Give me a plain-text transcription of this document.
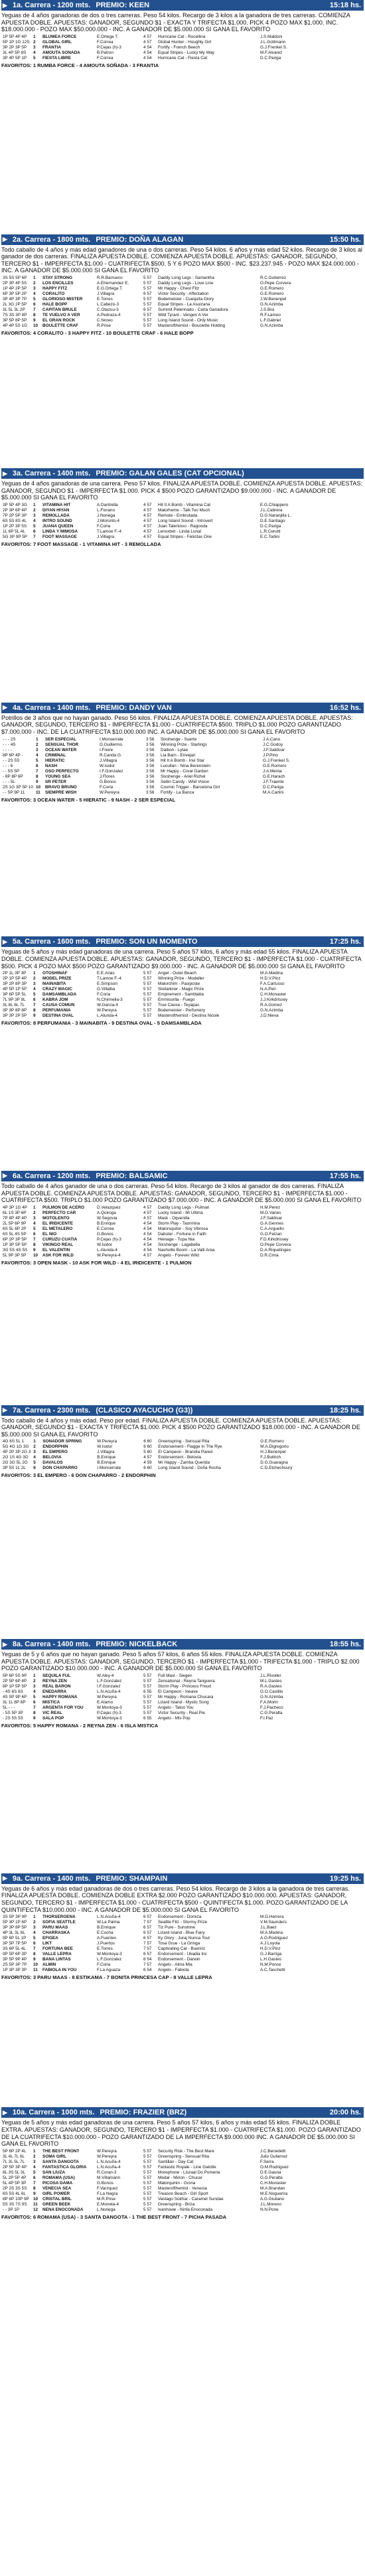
▶ 1a. Carrera - 1200 mts. PREMIO: KEEN	15:18 hs.
Yeguas de 4 años ganadoras de dos o tres carreras. Peso 54 kilos. Recargo de 3 kilos a la ganadora de tres carreras. COMIENZA APUESTA DOBLE. APUESTAS: GANADOR, SEGUNDO $1 - EXACTA Y TRIFECTA $1.000. PICK 4 POZO MAX $1.000. INC. $18.000.000 - POZO MAX $50.000.000 - INC. A GANADOR DE $5.000.000 SI GANA EL FAVORITO
1P 5P 4P 4P	1	BLUMEA FORCE	E.Ortega T.	4 57	Hurricane Cat - Rocellina	J.S.Maldoni
5P 1P 1G 12S	2	GLOBAL GIRL	F.Correa	4 57	Global Hunter - Houghly Girl	J.L.Gottmann
3P 2P 3P 5P	3	FRANTIA	P.Cejas (h)-3	4 54	Fortify - French Beech	G.J.Frenkel S.
3L 4P 5P 8S	4	AMOUTA SONADA	B.Patron	4 54	Equal Stripes - Lucky My Way	M.F.Alvarez
3P 4P 5P 1P	5	FIESTA LIBRE	F.Correa	4 54	Hurricane Cat - Fiesta Cat	D.C.Pariga
FAVORITOS: 1 RUMBA FORCE - 4 AMOUTA SOÑADA - 3 FRANTIA
▶ 2a. Carrera - 1800 mts. PREMIO: DOÑA ALAGAN	15:50 hs.
Todo caballo de 4 años y más edad ganadores de una o dos carreras. Peso 54 kilos. 6 años y más edad 52 kilos. Recargo de 3 kilos al ganador de dos carreras. FINALIZA APUESTA DOBLE. COMIENZA APUESTA DOBLE. APUESTAS: GANADOR, SEGUNDO, TERCERO $1 - IMPERFECTA $1.000 - CUATRIFECTA $500. 5 Y 6 POZO MAX $500 - INC. $23.237.945 - POZO MAX $24.000.000 - INC. A GANADOR DE $5.000.000 SI GANA EL FAVORITO
3S 5S 5P 6P	1	STAY STRONG	R.R.Barrueco	5 57	Daddy Long Legs - Samantha	R.C.Gutierrez
2P 3P 4P 5S	2	LOS ENCILLES	A.Ehernandez E.	5 57	Daddy Long Legs - Love Line	O.Pepe Corvera
1P 4P 2P 5P	3	HAPPY FITZ	E.G.Ortega T.	5 57	Mr Happy - Chest Fitz	G.E.Romero
6P 3P 5P 2P	4	CORALITO	J.Villagra	6 57	Victor Security - Affectation	G.E.Romero
3P 4P 3P 7P	5	GLORIOSO MISTER	E.Torres	5 57	Bodemeister - Cuequita Glory	J.W.Benenpel
2L 3G 2P 5P	6	HALE BOPP	L.Cabezo-3	5 57	Equal Stripes - La Asuizana	G.N.Azimba
3L 5L 3L 2P	7	CAPITAN BRULE	C.Otazuu-3	6 57	Summit Pelerinado - Carta Ganadora	J.S.Bisi
7S 3S 3P 8P	8	TE VUELVO A VER	A.Pedraza-4	5 57	Wild Tyrant - Vengen A Ver	R.F.Lamoo
3P 5P 8P 5P	9	EL GRAN ROCK	C.Noreo	5 57	Long Island Sound - Only Music	L.F.Gabriel
4P 4P 5S 1G	10	BOULETTE CRAF	R.Prise	5 57	Masterofthemist - Bouclette Holding	G.N.Azimba
FAVORITOS: 4 CORALITO - 3 HAPPY FITZ - 10 BOULETTE CRAF - 6 HALE BOPP
▶ 3a. Carrera - 1400 mts. PREMIO: GALAN GALES (CAT OPCIONAL)
Yeguas de 4 años ganadoras de una carrera. Peso 57 kilos. FINALIZA APUESTA DOBLE. COMIENZA APUESTA DOBLE. APUESTAS: GANADOR, SEGUNDO $1 - IMPERFECTA $1.000. PICK 4 $500 POZO GARANTIZADO $9.000.000 - INC. A GANADOR DE $5.000.000 SI GANA EL FAVORITO
3P 5P 4P 3G	1	VITAMINA HIT	A.Dantrella	4 57	Hit It A Bomb - Vitamina Cat	E.G.Chiappero
2P 3P 6P 4P	2	DIYAN HIYAN	L.Fiorano	4 57	Malorheme - Talk Too Much	J.L.Cabrera
7P 2P 5P 3P	3	REMOLLADA	J.Noriega	4 57	Remote - Embrutada	D.G.Naranjilla L.
6S 5S 8S 4L	4	INTRO SOUND	J.Moronto-4	4 57	Long Island Sound - Introvert	D.E.Santiago
1P 2P 3P 5S	5	JUANA QUEEN	F.Coria	4 57	Juan Talentoso - Ragooda	D.C.Pariga
1L 6P 5L 4L	6	LINDA Y MIMOSA	T.Lamoe F.-4	4 57	Lenoxbet - Linda Lunal	L.R.Cerutti
5G 3P 9P 5P	7	FOOT MASSAGE	J.Villagra	4 57	Equal Stripes - Felicitas One	E.C.Todini
FAVORITOS: 7 FOOT MASSAGE - 1 VITAMINA HIT - 3 REMOLLADA
▶ 4a. Carrera - 1400 mts. PREMIO: DANDY VAN	16:52 hs.
Potrillos de 3 años que no hayan ganado. Peso 56 kilos. FINALIZA APUESTA DOBLE. COMIENZA APUESTA DOBLE. APUESTAS: GANADOR, SEGUNDO, TERCERO $1 - IMPERFECTA $1.000 - CUATRIFECTA $500. TRIPLO $1.000 POZO GARANTIZADO $7.000.000 - INC. DE LA CUATRIFECTA $10.000.000 INC. A GANADOR DE $5.000.000 SI GANA EL FAVORITO
- - - 2S	1	SER ESPECIAL	I.Monserrate	3 56	Sixshenge - Suerte	J.A.Cano
- - - 4S	2	SENSUAL THOR	G.Guillermo	3 56	Winning Prize - Starlings	J.C.Godoy
- - - -	3	OCEAN WATER	I.Freire	3 56	Daibon - Lytae	J.F.Saldivar
8P 6P 4P -	4	CRIMINAL	R.Canda G.	3 56	Lia Barn - Envejari	J.P.Pino
- - 2S 5S	5	HIERATIC	J.Villagra	3 56	Hit It A Bomb - Invi Star	G.J.Frenkel S.
- - - 6	6	NASH	W.Isidor	3 56	Lucullan - Nina Berenstein	G.E.Romero
- - 5S 5P	7	OSO PERFECTO	I.F.Gonzalez	3 56	Mr Happy - Coral Garden	J.A.Menta
- 8P 8P 6P	8	YOUNG SEA	J.Flores	3 56	Sixshenge - Ariel Richel	G.E.Harach
- - - 5L	9	SR PETER	G.Bonos	3 56	Seltin Candy - Wild Vision	J.F.Traente
2S 1G 3P 5P 10	10	BRAVO BRUNO	F.Coria	3 56	Cosmic Trigger - Barcelona Girl	D.C.Pariga
- - 5P 9P 11	11	SIEMPRE WISH	W.Pereyra	3 56	Fortify - La Banca	M.A.Carlini
FAVORITOS: 3 OCEAN WATER - 5 HIERATIC - 9 NASH - 2 SER ESPECIAL
▶ 5a. Carrera - 1600 mts. PREMIO: SON UN MOMENTO	17:25 hs.
Yeguas de 5 años y más edad ganadoras de una carrera. Peso 5 años 57 kilos, 6 años y más edad 55 kilos. FINALIZA APUESTA DOBLE. COMIENZA APUESTA DOBLE. APUESTAS: GANADOR, SEGUNDO, TERCERO $1 - IMPERFECTA $1.000 - CUATRIFECTA $500. PICK 4 POZO MAX $500 POZO GARANTIZADO $9.000.000 - INC. A GANADOR DE $5.000.000 SI GANA EL FAVORITO
2P 1L 3P 3P	1	OTOSHINAF	E.E.Arias	5 57	Angel - Outer Beach	M.A.Medina
2P 1P 5P 4P	2	MODEL PRIZE	T.Lamoe F.-4	5 57	Winning Prize - Modeller	H.D.V.Pinz
3P 2P 8P 3P	3	MAINABITA	E.Simpson	5 57	Malorchim - Pasiposte	F.A.Cartusso
4P 5P 1P 5P	4	CRAZY MAGIC	G.Villalba	5 57	Sloilarkner - Magic Prize	N.A.Peri
3P 6P 5P 5L	5	DAMSAMBLADA	F.Coria	5 57	Empirement - Samblatta	C.H.Monaster
7L 9P 3P 9L	6	KABRA JOM	N.Chirinella-3	5 57	Emmisorlla - Fuego	J.J.Kirkdrissey
3L 8L 6L 7L	7	CAUSA COMUN	W.Garcia-4	5 57	True Cause - Teyapac	R.A.Gomez
3P 3P 8P 8P	8	PERFUMANIA	W.Pereyra	5 57	Bodemeister - Perfumery	G.N.Azimba
3P 3P 2P 5P	9	DESTINA OVAL	L.Alunda-4	5 57	Masterofthemist - Destina Nicole	J.D.Nieva
FAVORITOS: 8 PERFUMANIA - 3 MAINABITA - 9 DESTINA OVAL - 5 DAMSAMBLADA
▶ 6a. Carrera - 1200 mts. PREMIO: BALSAMIC	17:55 hs.
Todo caballo de 4 años ganador de una o dos carreras. Peso 54 kilos. Recargo de 3 kilos al ganador de dos carreras. FINALIZA APUESTA DOBLE. COMIENZA APUESTA DOBLE. APUESTAS: GANADOR, SEGUNDO, TERCERO $1 - IMPERFECTA $1.000 - CUATRIFECTA $500. TRIPLO $1.000 POZO GARANTIZADO $7.000.000 - INC. A GANADOR DE $5.000.000 SI GANA EL FAVORITO
4P 3P 1G 4P	1	PULMON DE ACERO	D.Velazquez	4 57	Daddy Long Legs - Pulmari	H.M.Perez
6L 1S 3P 6P	2	PERFECTO CAR	A.Quiroga	4 57	Lucky Island - Mi Ultima	M.G.Vanes
7P 8P 4P 4P	3	MOTOLENTO	W.Segovia	4 57	Mask - Oqvenilla	J.F.Saldivar
2L 5P 6P 9P	4	EL IRIDICENTE	B.Enrique	4 54	Storm Play - Taormina	G.A.Gennes
6S 5L 6P 2P	5	EL METALERO	E.Correa	4 54	Malorsquitor - Soy Vibrosa	C.A.Arguello
6S 5L 4S 5P	6	EL NIO	G.Bonos	4 54	Dabster - Fortune in Faith	G.O.Felzan
6P 2P 3P 5P	7	CURUZU CUATIA	P.Cejas (h)-3	4 54	Heinage - Tupa Nia	F.D.Kirkdrissey
1P 3P 5P 5P	8	VIKINGO REAL	W.Isidor	4 54	Sixshenge - Lagabella	O.Pepe Corvera
3G 5S 4S 5S	9	EL VALENTIN	L.Alunda-4	4 54	Nashville Boom - La Valli Area	D.A.Riquelingeo
5L 9P 3P 5P	10	ASK FOR WILD	W.Pereyra-4	4 57	Angelo - Forever Wild	D.R.Cima
FAVORITOS: 3 OPEN MASK - 10 ASK FOR WILD - 4 EL IRIDICENTE - 1 PULMON
▶ 7a. Carrera - 2300 mts. (CLASICO AYACUCHO (G3))	18:25 hs.
Todo caballo de 4 años y más edad. Peso por edad. FINALIZA APUESTA DOBLE. COMIENZA APUESTA DOBLE. APUESTAS: GANADOR, SEGUNDO $1 - EXACTA Y TRIFECTA $1.000. PICK 4 $500 POZO GARANTIZADO $18.000.000 - INC. A GANADOR DE $5.000.000 SI GANA EL FAVORITO
4G 6S 5L 1	1	SONADOR SPRING	W.Pereyra	6 60	Greenspring - Sensual Rita	G.E.Romero
5G 4G 1G 3G	2	ENDORPHIN	W.Isidor	6 60	Endorsement - Flagge In The Rye	M.A.Digregorio
4P 2P 3P 2G 3	3	EL EMPERO	J.Villagra	5 60	El Campeon - Brandia Pared	H.J.Benenpel
2G 1S 4G 3G	4	BELOVIA	B.Enrique	4 57	Endorsement - Belovia	F.J.Bullrich
2G 3G 5L 2G	5	DAVALOS	B.Enrique	4 59	Mr Happy - Zamba Querida	D.G.Guaragna
3P 5S 1L 2L	6	DON CHAPARRO	I.Monserrate	6 60	Long Island Sound - Doña Rocha	C.D.Etchechoury
FAVORITOS: 3 EL EMPERO - 6 DON CHAPARRO - 2 ENDORPHIN
▶ 8a. Carrera - 1400 mts. PREMIO: NICKELBACK	18:55 hs.
Yeguas de 5 y 6 años que no hayan ganado. Peso 5 años 57 kilos, 6 años 55 kilos. FINALIZA APUESTA DOBLE. COMIENZA APUESTA DOBLE. APUESTAS: GANADOR, SEGUNDO, TERCERO $1 - IMPERFECTA $1.000 - TRIFECTA $1.000 - TRIPLO $2.000 POZO GARANTIZADO $10.000.000 - INC. A GANADOR DE $5.000.000 SI GANA EL FAVORITO
5P 6P 5S 9P	1	SEQUILA FUL	W.Aley-4	5 57	Full Mast - Siegen	J.L.Rivoller
2P 5P 6P 4P	2	REYNA ZEN	L.F.Gonzalez	5 57	Zensational - Reyna Tanguera	M.L.Gastes
8P 1P 5P 5P	3	REAL BARON	I.F.Gonzalez	5 57	Storm Play - Princess Freud	R.A.Gastes
- 4S 6S 6S	4	ENEDARRA	L.N.Acuña-4	6 55	El Campeon - Ineave	G.O.Castillo
4S 5P 9P 6P	5	HAPPY ROMANA	W.Pereyra	5 57	Mr Happy - Romana Chucara	G.N.Azimba
3L 1L 8P 8P	6	MISTICA	E.Alamo	5 57	Lizard Island - Mystic Song	F.A.Morin
5L - - -	7	ARGENTA FOR YOU	W.Montoya-3	5 57	Angelo - Tatoo You	F.J.Pacheco
- 5S 5P 3P	8	VIC REAL	P.Cejas (h)-3	5 57	Victor Security - Real Pie	C.G.Peralta
- 2S 5S 5S	9	SALA POP	W.Montoya-3	6 55	Angelo - Mis Pop	F.I.Paz
FAVORITOS: 5 HAPPY ROMANA - 2 REYNA ZEN - 6 ISLA MISTICA
▶ 9a. Carrera - 1400 mts. PREMIO: SHAMPAIN	19:25 hs.
Yeguas de 6 años y más edad ganadoras de dos o tres carreras. Peso 54 kilos. Recargo de 3 kilos a la ganadora de tres carreras. FINALIZA APUESTA DOBLE. COMIENZA DOBLE EXTRA $2.000 POZO GARANTIZADO $10.000.000. APUESTAS: GANADOR, SEGUNDO, TERCERO $1 - IMPERFECTA $1.000 - CUATRIFECTA $500 - QUINTIFECTA $1.000. POZO GARANTIZADO DE LA QUINTIFECTA $10.000.000 - INC. A GANADOR DE $5.000.000 SI GANA EL FAVORITO
3S 5P 3P 9P	1	THORSEROENA	L.N.Acuña-4	6 57	Endorsement - Domiza	M.G.Herrera
5P 3P 1P 6P	2	SOFIA SEATTLE	W.La Palma	7 57	Seattle Fitz - Stormy Prize	V.M.Saunders
3P 3P 8P 5P	3	PARU MAAS	B.Enrique	6 57	Tiz Pure - Sunshine	J.L.Baez
4P 3L 3L 8L	4	CHARRASKA	E.Cocha	6 57	Lizard Island - Blue Fairy	M.A.Medina
9P 6P 5L 1P	5	EFIGEA	A.Fuentes	6 57	Ky Glory - Juraj Nunca Tout	A.O.Rodriguez
3P 5P 7P 5P	6	LIKT	J.Puertos	7 57	Tosa Grue - La Gringa	A.J.Loyola
3S 6P 5L 4L	7	FORTUNA BEE	E.Torres	7 57	Captivating Cat - Buenriz	H.D.V.Pinz
9P 5P 6P 3P	8	VALLE LEPRA	W.Montoya-3	6 57	Endorsement - Ukadia Inc	G.J.Barriga
3P 5P 9P 4P	9	BANA LINTAS	L.F.Gonzalez	6 54	Endorsement - Darwin	L.H.Gastes
2S 5P 3P 7P	10	ALMIN	F.Coria	7 57	Angelo - Alma Mia	N.M.Ponce
1P 3P 3P 3P	11	FABIOLA IN YOU	F.La Aguaza	6 54	Angelo - Fabiola	A.C.Taschetti
FAVORITOS: 3 PARU MAAS - 8 ESTIKAMA - 7 BONITA PRINCESA CAP - 8 VALLE LEPRA
▶ 10a. Carrera - 1000 mts. PREMIO: FRAZIER (BRZ)	20:00 hs.
Yeguas de 5 años y más edad ganadoras de una carrera. Peso 5 años 57 kilos, 6 años y más edad 55 kilos. FINALIZA DOBLE EXTRA. APUESTAS: GANADOR, SEGUNDO, TERCERO $1 - IMPERFECTA $1.000 - CUATRIFECTA $1.000. POZO GARANTIZADO DE LA CUATRIFECTA $10.000.000 - POZO GARANTIZADO DE LA IMPERFECTA $9.000.000 INC. A GANADOR DE $5.000.000 SI GANA EL FAVORITO
5P 6P 2P 4L	1	THE BEST FRONT	W.Pereyra	5 57	Security Risk - The Best Mare	J.C.Benedetti
3L 4L 7L 6L	2	SOMA GIRL	W.Pereyra	5 57	Greenspring - Sensual Rita	Julio Gutierrez
7L 3L 5L 7L	3	SANTA DANGOTA	L.N.Acuña-4	5 57	Santillan - Day Cat	F.Serra
2P 5P 3P 4P	4	FANTASTICA GLORIA	L.N.Acuña-4	5 57	Fantastic Royale - Line Galotte	O.M.Rodriguez
8L 3S 5L 3L	5	SAN LIUZA	R.Coran-3	5 57	Morephone - Liszaal Do Pomeria	D.E.Gauna
5L 2P 5P 4P	6	ROMAMA (USA)	M.Villamarin	5 57	Medal - Mirion - Chucar	G.G.Peralta
5L 4P 5P 3P	7	PICOSA DAMA	G.Bonos	5 57	Malorquinin - Grona	C.H.Monaster
2P 2S 3S 5S	8	VENECIA SEA	F.Varzquez	5 57	Masterofthemist - Venecia	M.A.Brandan
6S 5S 4L 6L	9	GIRL POWER	F.La Negra	5 57	Treason Beach - Girl Sport	M.E.Noguerira
8P 6P 10P 9P	10	CRISTAL BRIL	M.R.Prise	5 57	Vastago Sokhar - Caramel Sundae	A.G.Giuliano
5S 3S 7S 9S	11	GREEN BEEK	E.Moneta-4	5 57	Greenspring - Briza	J.L.Moreno
- - 3P 1P	12	NENA ENOCONADA	L.Noriega	5 57	Ivanhowe - Ninfa Enoconada	N.N.Pone
FAVORITOS: 6 ROMAMA (USA) - 3 SANTA DANGOTA - 1 THE BEST FRONT - 7 PICHA PASADA
